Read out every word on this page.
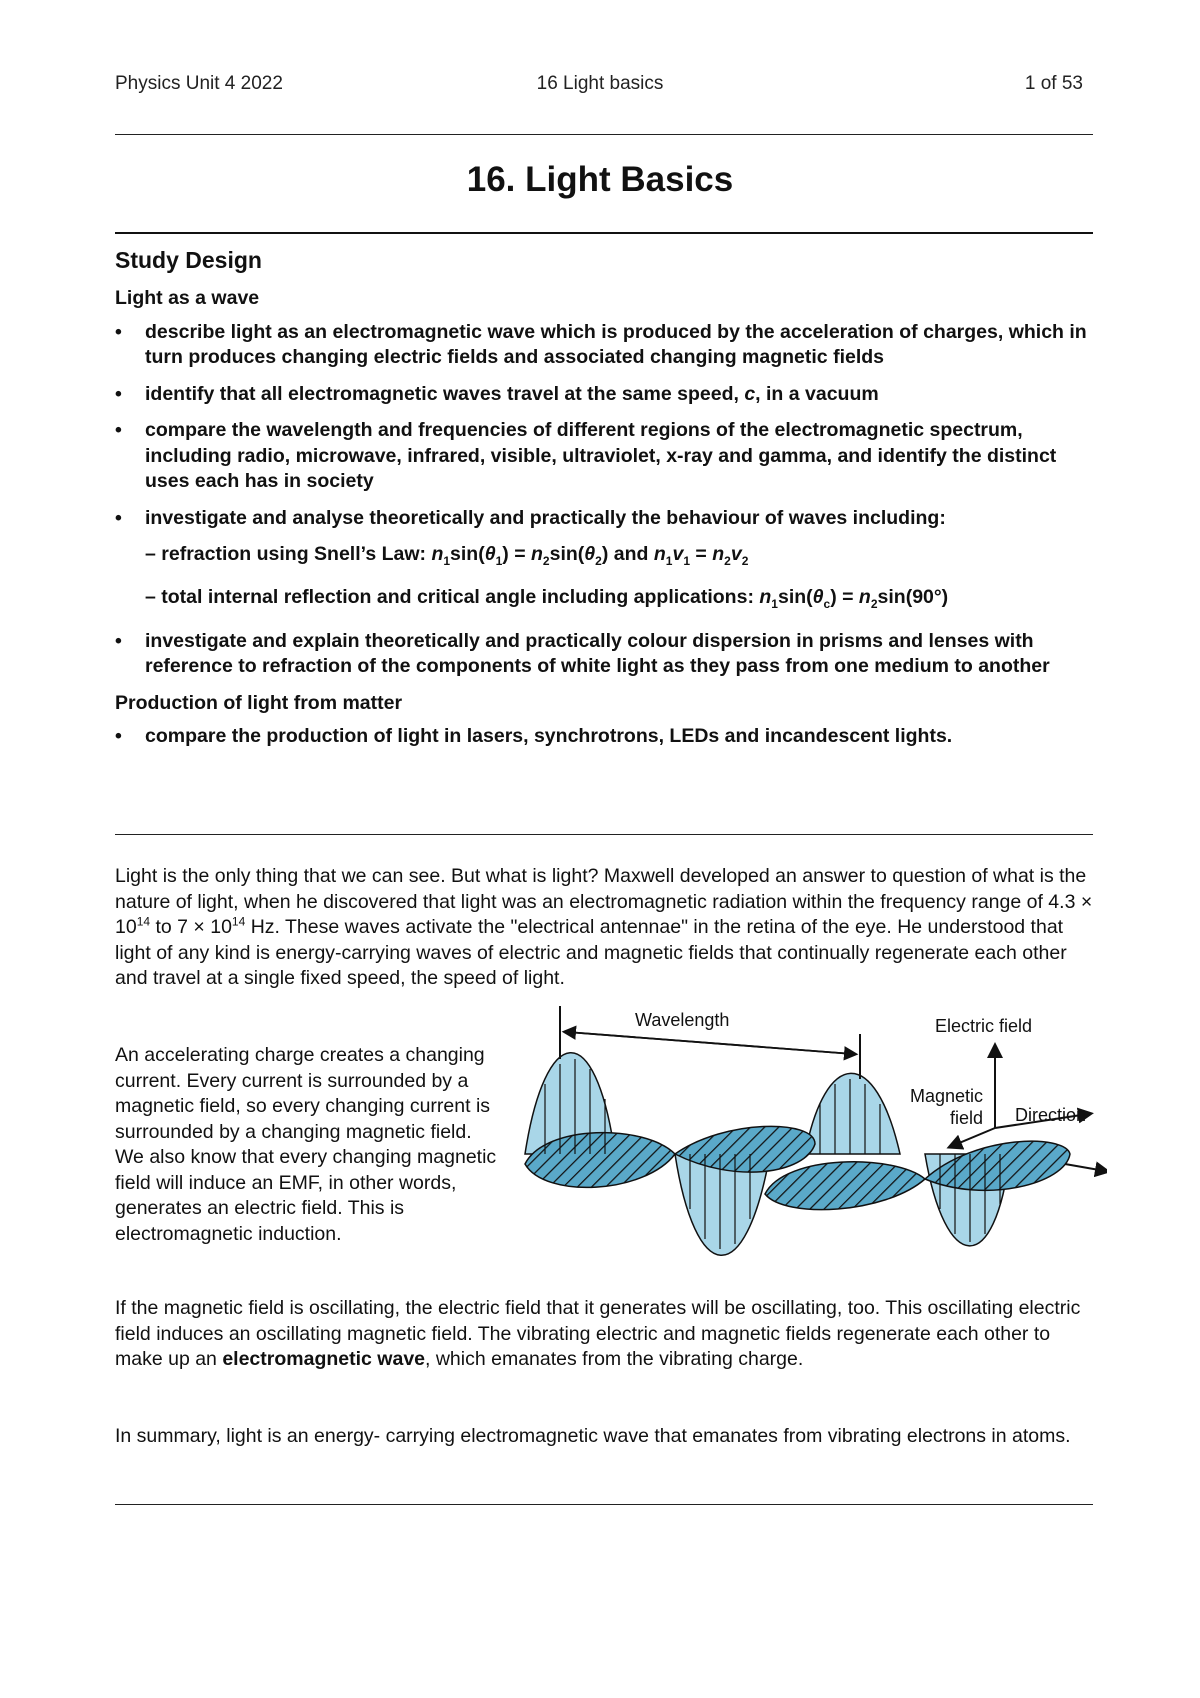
Physics Unit 4 2022	16 Light basics	1 of 53
16. Light Basics
Study Design

Light as a wave

• describe light as an electromagnetic wave which is produced by the acceleration of charges, which in turn produces changing electric fields and associated changing magnetic fields
• identify that all electromagnetic waves travel at the same speed, c, in a vacuum
• compare the wavelength and frequencies of different regions of the electromagnetic spectrum, including radio, microwave, infrared, visible, ultraviolet, x-ray and gamma, and identify the distinct uses each has in society
• investigate and analyse theoretically and practically the behaviour of waves including:
– refraction using Snell’s Law: $n_1\sin(\theta_1) = n_2\sin(\theta_2)$ and $n_1v_1 = n_2v_2$
– total internal reflection and critical angle including applications: $n_1\sin(\theta_c) = n_2\sin(90^\circ)$
• investigate and explain theoretically and practically colour dispersion in prisms and lenses with reference to refraction of the components of white light as they pass from one medium to another

Production of light from matter

• compare the production of light in lasers, synchrotrons, LEDs and incandescent lights.
Light is the only thing that we can see. But what is light? Maxwell developed an answer to question of what is the nature of light, when he discovered that light was an electromagnetic radiation within the frequency range of $4.3 \times 10^{14}$ to $7 \times 10^{14}$ Hz. These waves activate the "electrical antennae" in the retina of the eye. He understood that light of any kind is energy-carrying waves of electric and magnetic fields that continually regenerate each other and travel at a single fixed speed, the speed of light.
An accelerating charge creates a changing current. Every current is surrounded by a magnetic field, so every changing current is surrounded by a changing magnetic field. We also know that every changing magnetic field will induce an EMF, in other words, generates an electric field. This is electromagnetic induction.
Wavelength	Electric field
Magnetic
field Direction
If the magnetic field is oscillating, the electric field that it generates will be oscillating, too. This oscillating electric field induces an oscillating magnetic field. The vibrating electric and magnetic fields regenerate each other to make up an electromagnetic wave, which emanates from the vibrating charge.
In summary, light is an energy- carrying electromagnetic wave that emanates from vibrating electrons in atoms.
